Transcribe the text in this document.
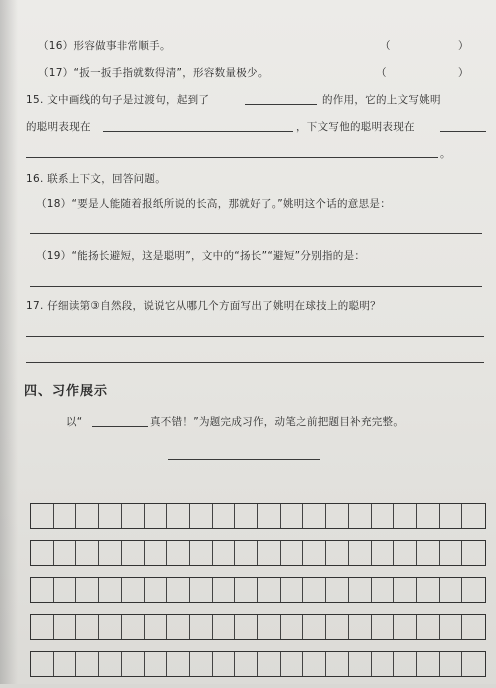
（16）形容做事非常顺手。	（	）
（17）“扳一扳手指就数得清”，形容数量极少。	（	）
15. 文中画线的句子是过渡句，起到了	的作用，它的上文写姚明
的聪明表现在	，下文写他的聪明表现在
。
16. 联系上下文，回答问题。
（18）“要是人能随着报纸所说的长高，那就好了。”姚明这个话的意思是：
（19）“能扬长避短，这是聪明”，文中的“扬长”“避短”分别指的是：
17. 仔细读第③自然段，说说它从哪几个方面写出了姚明在球技上的聪明？
四、习作展示
以“	真不错！”为题完成习作，动笔之前把题目补充完整。
